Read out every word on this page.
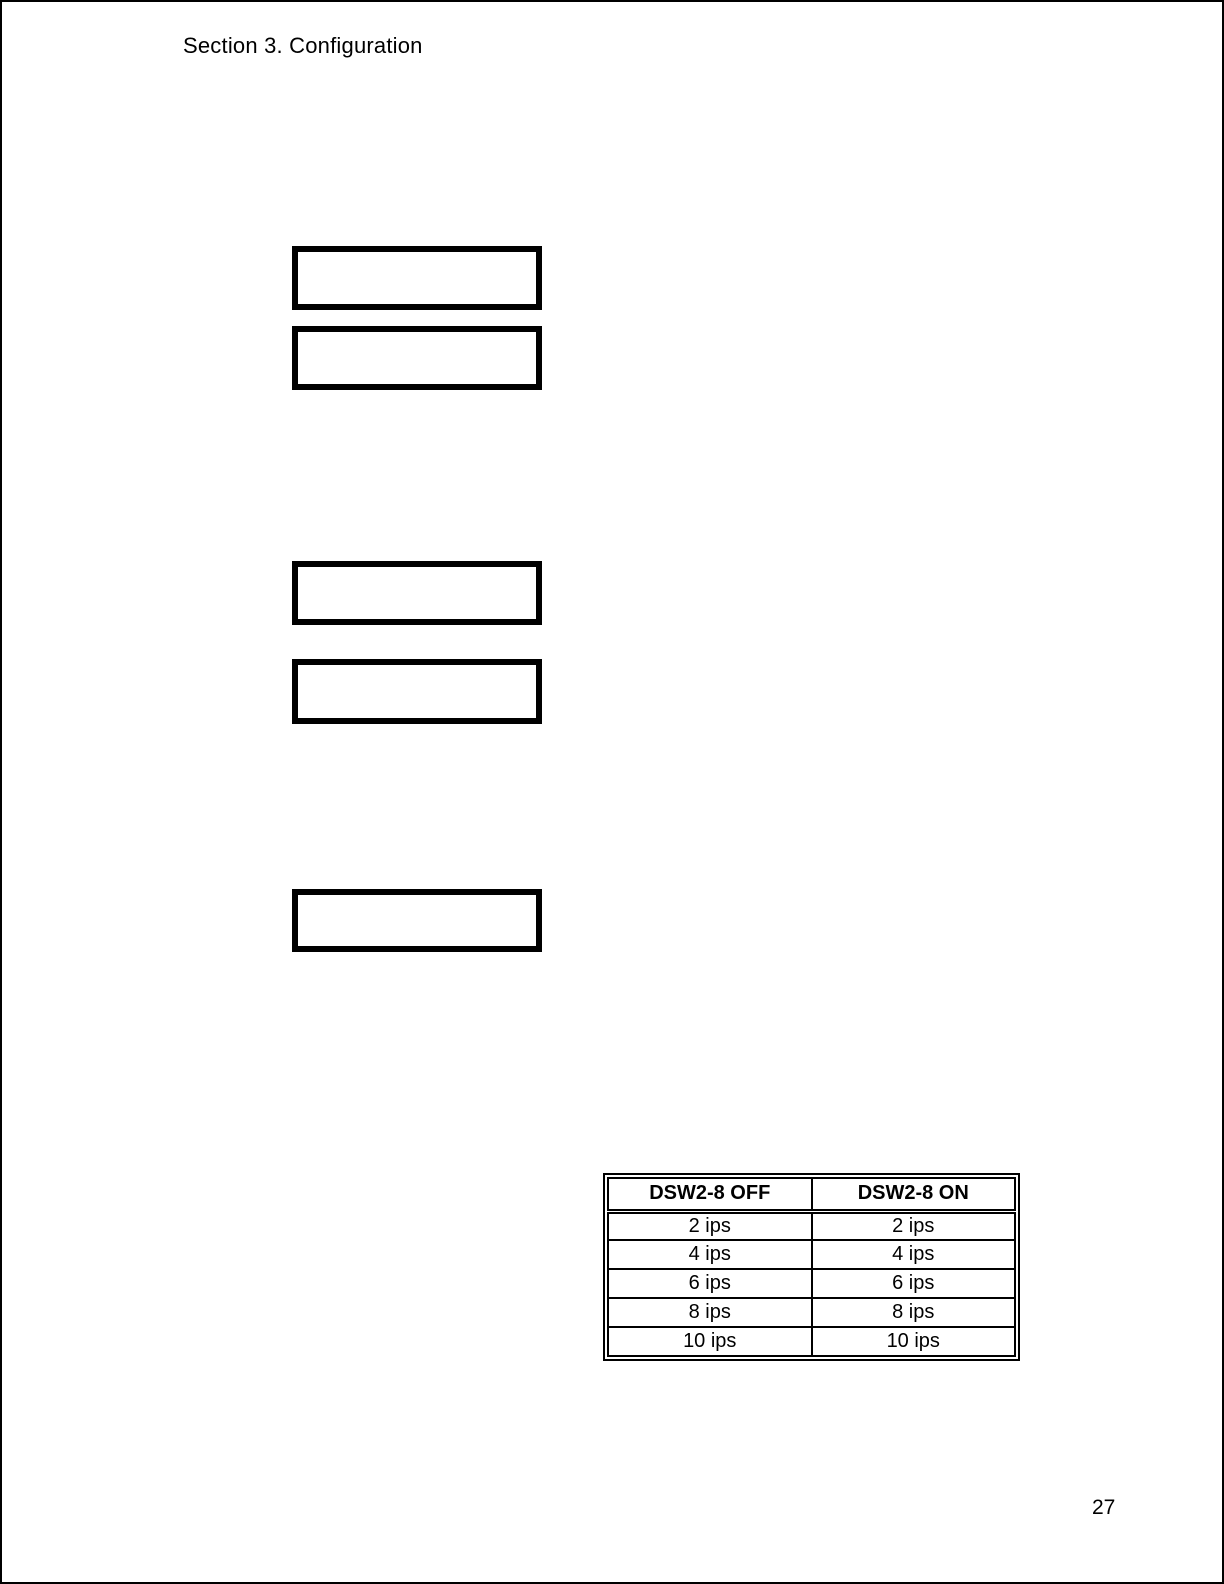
Section 3. Configuration
DSW2-8 OFF	DSW2-8 ON
2 ips	2 ips
4 ips	4 ips
6 ips	6 ips
8 ips	8 ips
10 ips	10 ips
27
